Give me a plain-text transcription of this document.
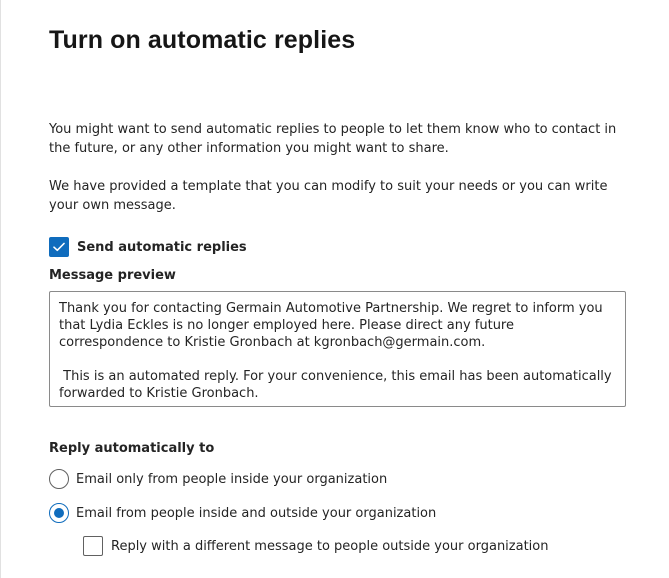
Turn on automatic replies

You might want to send automatic replies to people to let them know who to contact in the future, or any other information you might want to share.

We have provided a template that you can modify to suit your needs or you can write your own message.

Send automatic replies
Message preview
Thank you for contacting Germain Automotive Partnership. We regret to inform you that Lydia Eckles is no longer employed here. Please direct any future correspondence to Kristie Gronbach at kgronbach@germain.com.

This is an automated reply. For your convenience, this email has been automatically forwarded to Kristie Gronbach.
Reply automatically to
Email only from people inside your organization
Email from people inside and outside your organization
Reply with a different message to people outside your organization
